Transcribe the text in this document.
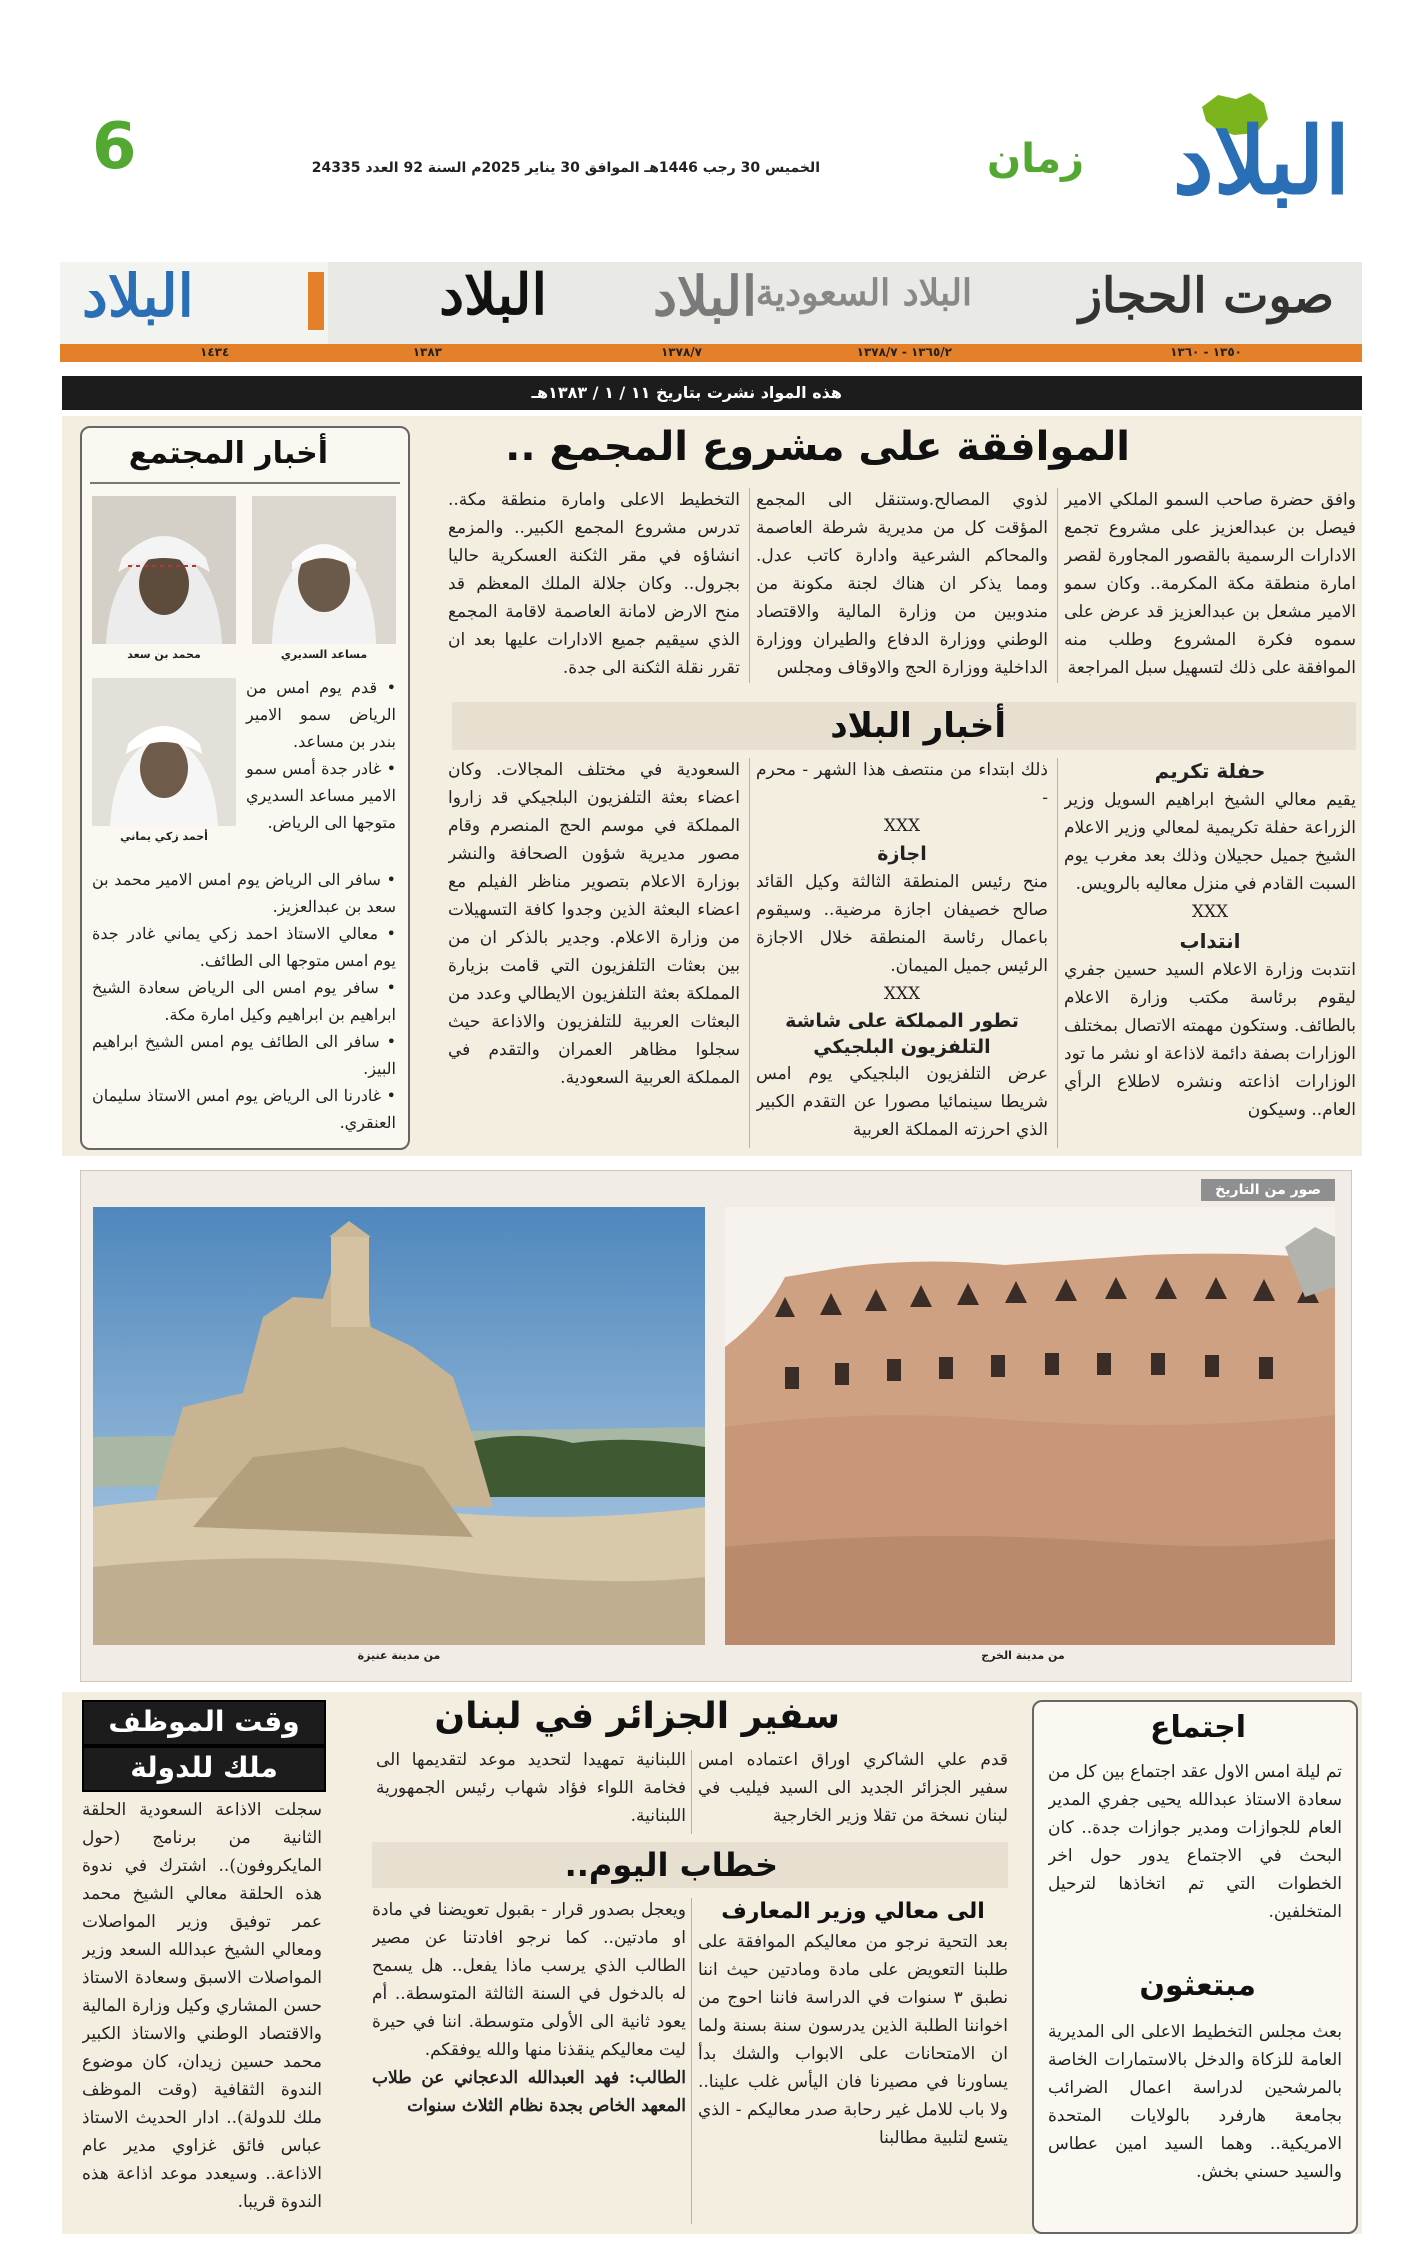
البلاد
زمان
الخميس 30 رجب 1446هـ الموافق 30 يناير 2025م السنة 92 العدد 24335
6
صوت الحجاز
البلاد السعودية
البلاد
البلاد
البلاد
١٣٥٠ - ١٣٦٠
١٣٦٥/٢ - ١٣٧٨/٧
١٣٧٨/٧
١٣٨٣
١٤٣٤
هذه المواد نشرت بتاريخ ١١ / ١ / ١٣٨٣هـ
الموافقة على مشروع المجمع ..
وافق حضرة صاحب السمو الملكي الامير فيصل بن عبدالعزيز على مشروع تجمع الادارات الرسمية بالقصور المجاورة لقصر امارة منطقة مكة المكرمة.. وكان سمو الامير مشعل بن عبدالعزيز قد عرض على سموه فكرة المشروع وطلب منه الموافقة على ذلك لتسهيل سبل المراجعة
لذوي المصالح.وستنقل الى المجمع المؤقت كل من مديرية شرطة العاصمة والمحاكم الشرعية وادارة كاتب عدل. ومما يذكر ان هناك لجنة مكونة من مندوبين من وزارة المالية والاقتصاد الوطني ووزارة الدفاع والطيران ووزارة الداخلية ووزارة الحج والاوقاف ومجلس
التخطيط الاعلى وامارة منطقة مكة.. تدرس مشروع المجمع الكبير.. والمزمع انشاؤه في مقر الثكنة العسكرية حاليا بجرول.. وكان جلالة الملك المعظم قد منح الارض لامانة العاصمة لاقامة المجمع الذي سيقيم جميع الادارات عليها بعد ان تقرر نقلة الثكنة الى جدة.
أخبار البلاد
حفلة تكريم
يقيم معالي الشيخ ابراهيم السويل وزير الزراعة حفلة تكريمية لمعالي وزير الاعلام الشيخ جميل حجيلان وذلك بعد مغرب يوم السبت القادم في منزل معاليه بالرويس.
XXX
انتداب
انتدبت وزارة الاعلام السيد حسين جفري ليقوم برئاسة مكتب وزارة الاعلام بالطائف. وستكون مهمته الاتصال بمختلف الوزارات بصفة دائمة لاذاعة او نشر ما تود الوزارات اذاعته ونشره لاطلاع الرأي العام.. وسيكون
ذلك ابتداء من منتصف هذا الشهر - محرم -
XXX
اجازة
منح رئيس المنطقة الثالثة وكيل القائد صالح خصيفان اجازة مرضية.. وسيقوم باعمال رئاسة المنطقة خلال الاجازة الرئيس جميل الميمان.
XXX
تطور المملكة على شاشة التلفزيون البلجيكي
عرض التلفزيون البلجيكي يوم امس شريطا سينمائيا مصورا عن التقدم الكبير الذي احرزته المملكة العربية
السعودية في مختلف المجالات. وكان اعضاء بعثة التلفزيون البلجيكي قد زاروا المملكة في موسم الحج المنصرم وقام مصور مديرية شؤون الصحافة والنشر بوزارة الاعلام بتصوير مناظر الفيلم مع اعضاء البعثة الذين وجدوا كافة التسهيلات من وزارة الاعلام. وجدير بالذكر ان من بين بعثات التلفزيون التي قامت بزيارة المملكة بعثة التلفزيون الايطالي وعدد من البعثات العربية للتلفزيون والاذاعة حيث سجلوا مظاهر العمران والتقدم في المملكة العربية السعودية.
أخبار المجتمع
مساعد السديري
محمد بن سعد
أحمد زكي يماني
• قدم يوم امس من الرياض سمو الامير بندر بن مساعد.
• غادر جدة أمس سمو الامير مساعد السديري متوجها الى الرياض.
• سافر الى الرياض يوم امس الامير محمد بن سعد بن عبدالعزيز.
• معالي الاستاذ احمد زكي يماني غادر جدة يوم امس متوجها الى الطائف.
• سافر يوم امس الى الرياض سعادة الشيخ ابراهيم بن ابراهيم وكيل امارة مكة.
• سافر الى الطائف يوم امس الشيخ ابراهيم البيز.
• غادرنا الى الرياض يوم امس الاستاذ سليمان العنقري.
صور من التاريخ
من مدينة الخرج
من مدينة عنيزة
اجتماع
تم ليلة امس الاول عقد اجتماع بين كل من سعادة الاستاذ عبدالله يحيى جفري المدير العام للجوازات ومدير جوازات جدة.. كان البحث في الاجتماع يدور حول اخر الخطوات التي تم اتخاذها لترحيل المتخلفين.
مبتعثون
بعث مجلس التخطيط الاعلى الى المديرية العامة للزكاة والدخل بالاستمارات الخاصة بالمرشحين لدراسة اعمال الضرائب بجامعة هارفرد بالولايات المتحدة الامريكية.. وهما السيد امين عطاس والسيد حسني بخش.
سفير الجزائر في لبنان
قدم علي الشاكري اوراق اعتماده امس سفير الجزائر الجديد الى السيد فيليب في لبنان نسخة من تقلا وزير الخارجية
اللبنانية تمهيدا لتحديد موعد لتقديمها الى فخامة اللواء فؤاد شهاب رئيس الجمهورية اللبنانية.
خطاب اليوم..
الى معالي وزير المعارف
بعد التحية نرجو من معاليكم الموافقة على طلبنا التعويض على مادة ومادتين حيث اننا نطبق ٣ سنوات في الدراسة فاننا احوج من اخواننا الطلبة الذين يدرسون سنة بسنة ولما ان الامتحانات على الابواب والشك بدأ يساورنا في مصيرنا فان اليأس غلب علينا.. ولا باب للامل غير رحابة صدر معاليكم - الذي يتسع لتلبية مطالبنا
ويعجل بصدور قرار - بقبول تعويضنا في مادة او مادتين.. كما نرجو افادتنا عن مصير الطالب الذي يرسب ماذا يفعل.. هل يسمح له بالدخول في السنة الثالثة المتوسطة.. أم يعود ثانية الى الأولى متوسطة. اننا في حيرة ليت معاليكم ينقذنا منها والله يوفقكم.
الطالب: فهد العبدالله الدعجاني عن طلاب المعهد الخاص بجدة نظام الثلاث سنوات
وقت الموظف
ملك للدولة
سجلت الاذاعة السعودية الحلقة الثانية من برنامج (حول المايكروفون).. اشترك في ندوة هذه الحلقة معالي الشيخ محمد عمر توفيق وزير المواصلات ومعالي الشيخ عبدالله السعد وزير المواصلات الاسبق وسعادة الاستاذ حسن المشاري وكيل وزارة المالية والاقتصاد الوطني والاستاذ الكبير محمد حسين زيدان، كان موضوع الندوة الثقافية (وقت الموظف ملك للدولة).. ادار الحديث الاستاذ عباس فائق غزاوي مدير عام الاذاعة.. وسيعدد موعد اذاعة هذه الندوة قريبا.
